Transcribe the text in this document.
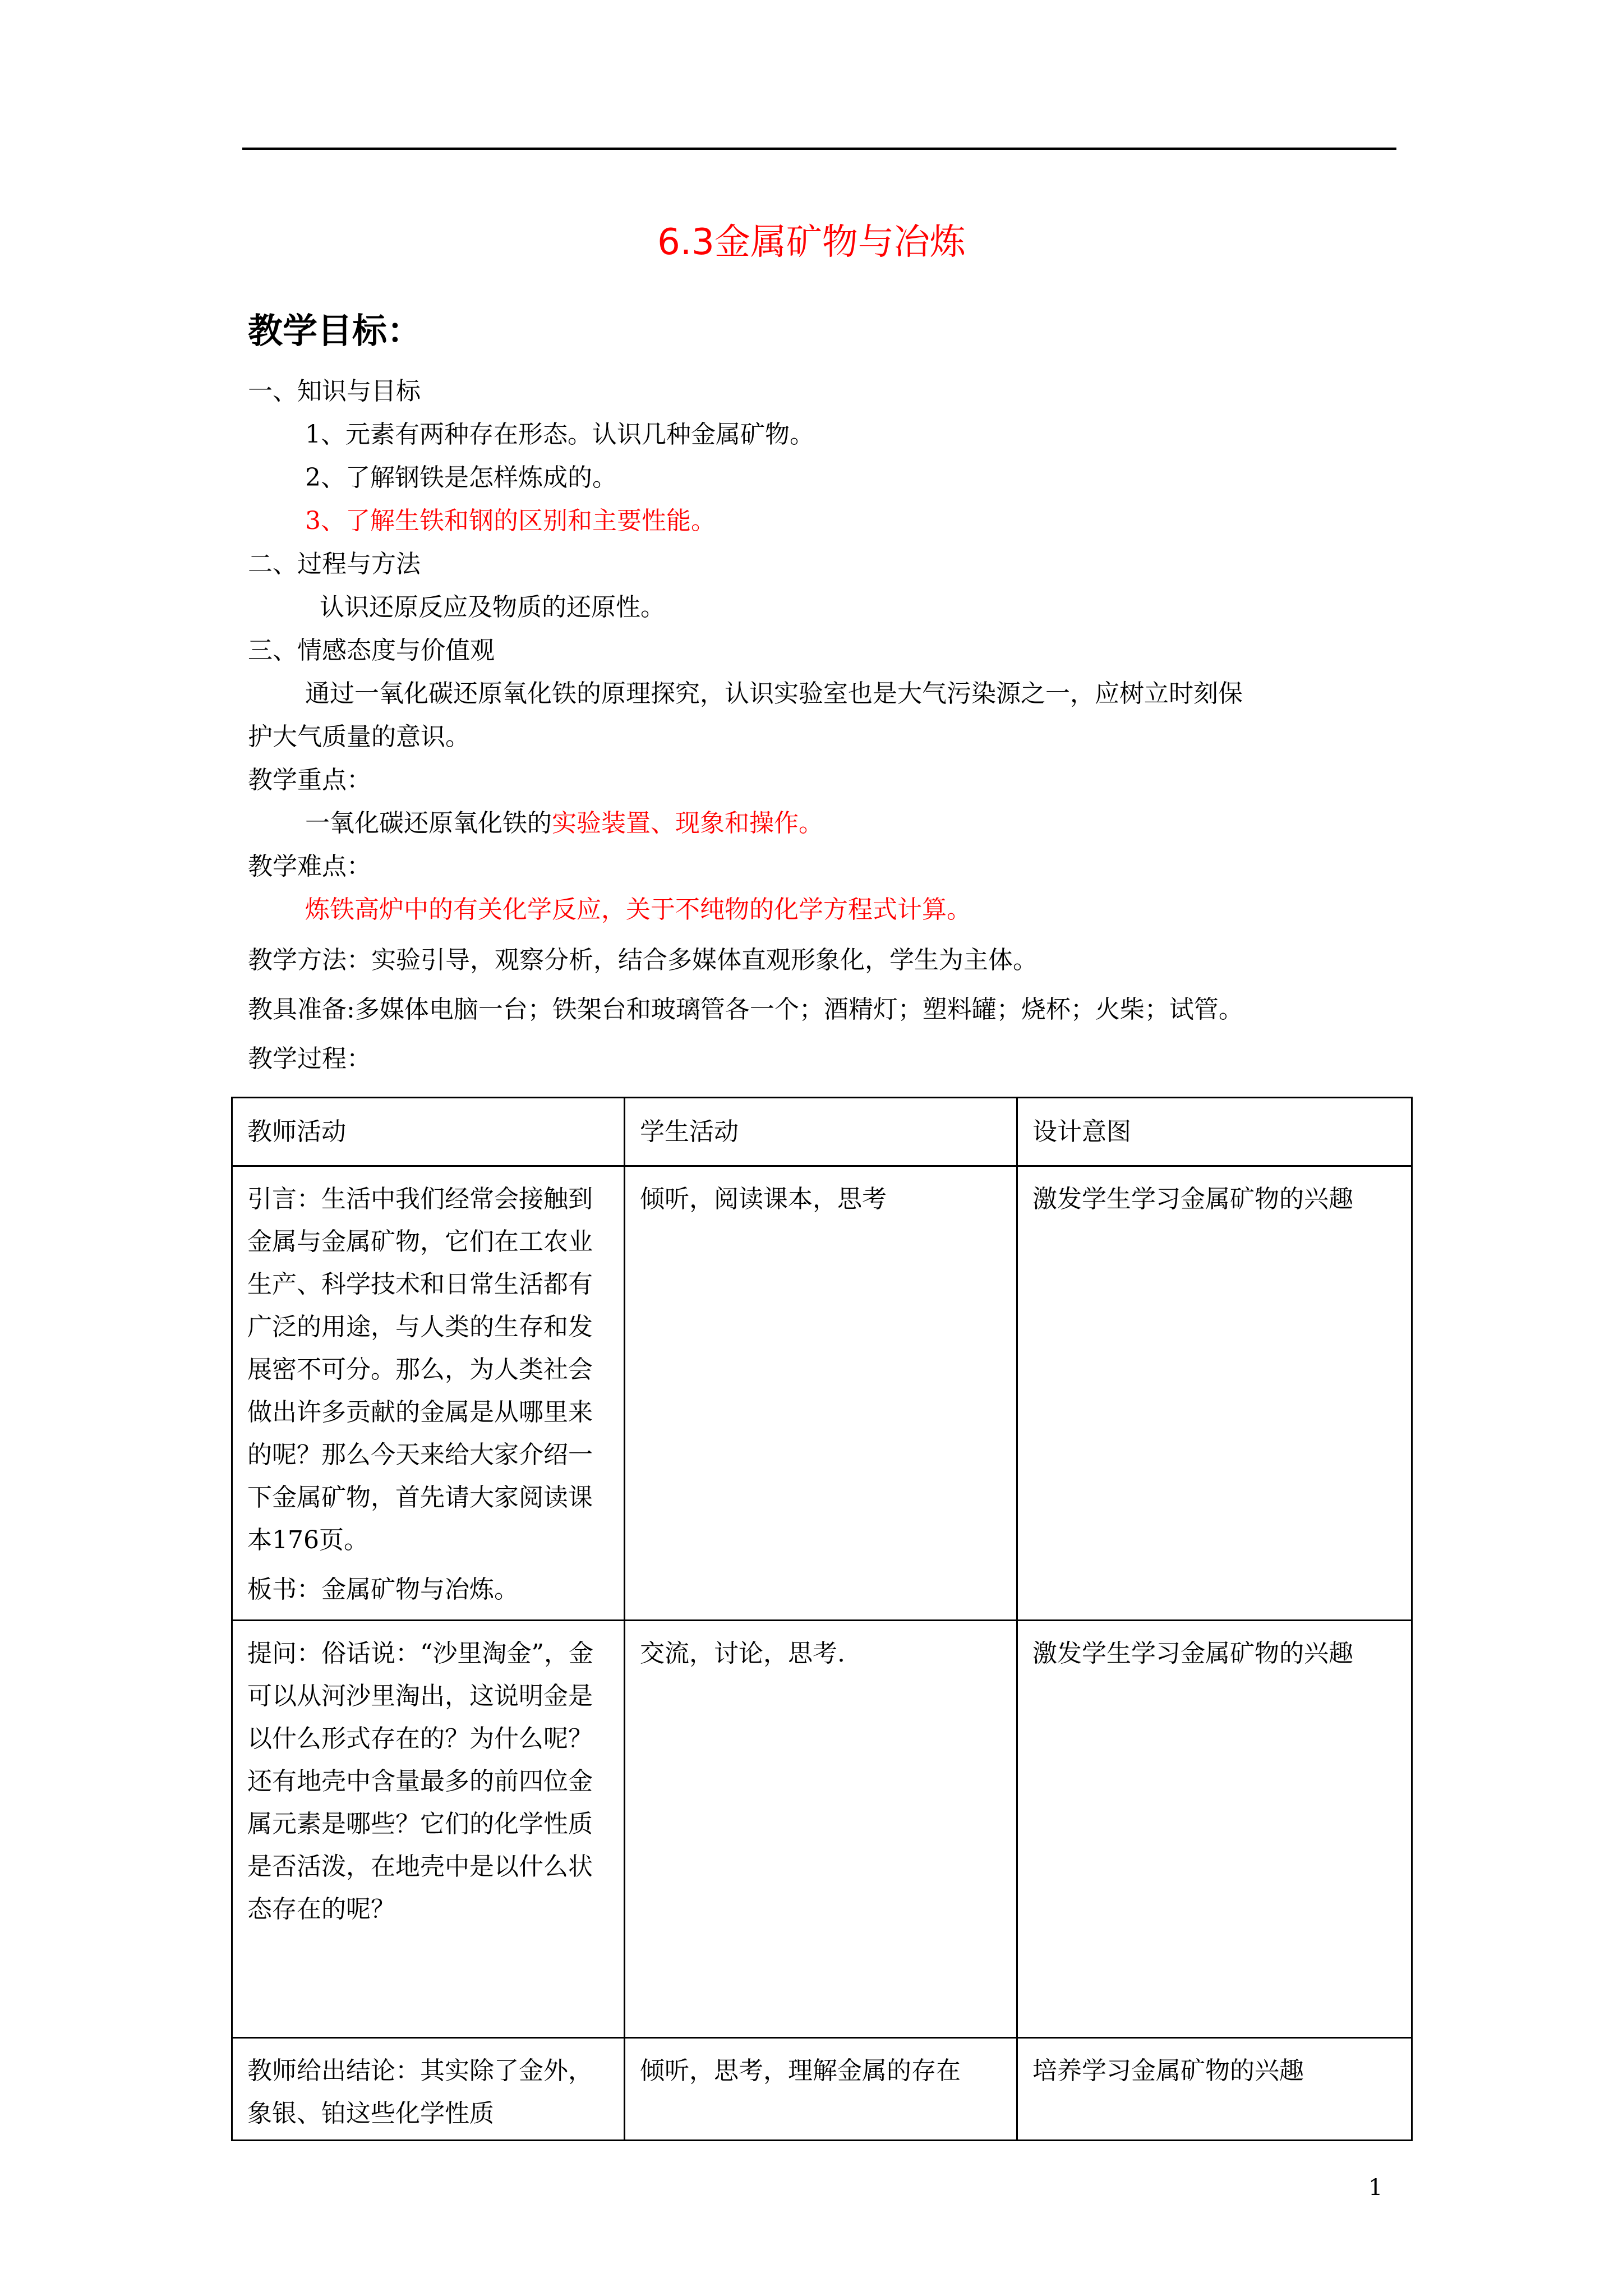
6.3金属矿物与冶炼
教学目标：
一、知识与目标
1、元素有两种存在形态。认识几种金属矿物。
2、了解钢铁是怎样炼成的。
3、了解生铁和钢的区别和主要性能。
二、过程与方法
认识还原反应及物质的还原性。
三、情感态度与价值观
通过一氧化碳还原氧化铁的原理探究，认识实验室也是大气污染源之一，应树立时刻保
护大气质量的意识。
教学重点：
一氧化碳还原氧化铁的实验装置、现象和操作。
教学难点：
炼铁高炉中的有关化学反应，关于不纯物的化学方程式计算。
教学方法：实验引导，观察分析，结合多媒体直观形象化，学生为主体。
教具准备:多媒体电脑一台；铁架台和玻璃管各一个；酒精灯；塑料罐；烧杯；火柴；试管。
教学过程：
教师活动	学生活动	设计意图

引言：生活中我们经常会接触到金属与金属矿物，它们在工农业生产、科学技术和日常生活都有广泛的用途，与人类的生存和发展密不可分。那么，为人类社会做出许多贡献的金属是从哪里来的呢？那么今天来给大家介绍一下金属矿物，首先请大家阅读课本176页。

板书：金属矿物与冶炼。	倾听，阅读课本，思考	激发学生学习金属矿物的兴趣

提问：俗话说：“沙里淘金”，金可以从河沙里淘出，这说明金是以什么形式存在的？为什么呢？还有地壳中含量最多的前四位金属元素是哪些？它们的化学性质是否活泼，在地壳中是以什么状态存在的呢？	交流，讨论，思考.	激发学生学习金属矿物的兴趣

教师给出结论：其实除了金外，象银、铂这些化学性质	倾听，思考，理解金属的存在	培养学习金属矿物的兴趣
1
